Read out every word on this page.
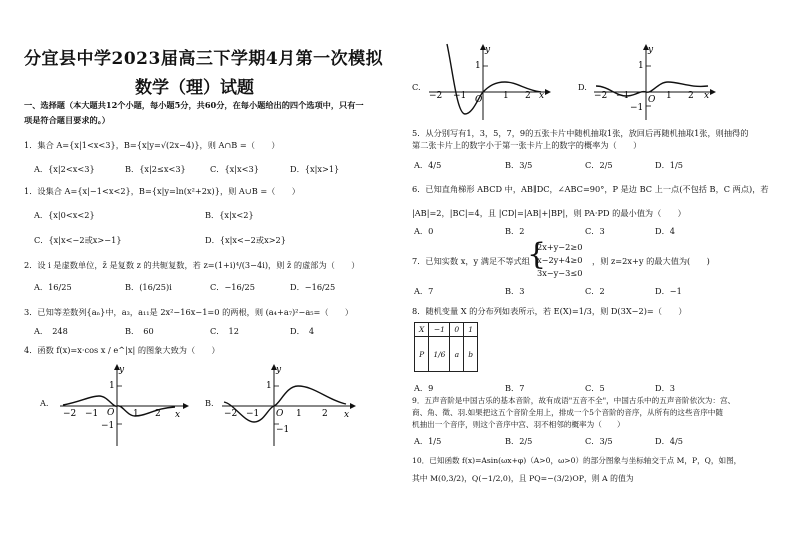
分宜县中学2023届高三下学期4月第一次模拟
数学（理）试题
一、选择题（本大题共12个小题，每小题5分，共60分，在每小题给出的四个选项中，只有一
项是符合题目要求的。）
1．集合 A={x|1<x<3}，B={x|y=√(2x−4)}，则 A∩B =（　　）
A．{x|2<x<3}	B．{x|2≤x<3}	C．{x|x<3}	D．{x|x>1}
1．设集合 A={x|−1<x<2}，B={x|y=ln(x²+2x)}，则 A∪B =（　　）
A．{x|0<x<2}	B．{x|x<2}
C．{x|x<−2或x>−1}	D．{x|x<−2或x>2}
2．设 i 是虚数单位，z̄ 是复数 z 的共轭复数，若 z=(1+i)⁴/(3−4i)，则 z̄ 的虚部为（　　）
A．16/25	B．(16/25)i	C．−16/25	D．−16/25
3．已知等差数列{aₙ}中，a₃，a₁₁是 2x²−16x−1=0 的两根，则 (a₄+a₇)²−a₅=（　　）
A．　248	B．　60	C．　12	D．　4
4．函数 f(x)=x·cos x / e^|x| 的图象大致为（　　）
A.
y
x
O
1
−1
−2 −1	1 2
B.
y
x
O
1
−1
−2 −1	1 2
C.
y
x
O
1
−2 −1	1 2
D.
y
x
O
1
−1
−2 −1	1 2
5．从分别写有1，3，5，7，9的五张卡片中随机抽取1张，放回后再随机抽取1张，则抽得的
第二张卡片上的数字小于第一张卡片上的数字的概率为（　　）
A．4/5	B．3/5	C．2/5	D．1/5
6．已知直角梯形 ABCD 中，AB∥DC，∠ABC=90°，P 是边 BC 上一点(不包括 B，C 两点)，若
|AB|=2，|BC|=4，且 |CD|=|AB|+|BP|，则 PA·PD 的最小值为（　　）
A．0	B．2	C．3	D．4
7．已知实数 x，y 满足不等式组
{
2x+y−2≥0
x−2y+4≥0
3x−y−3≤0
，则 z=2x+y 的最大值为(　　)
A．7	B．3	C．2	D．−1
8．随机变量 X 的分布列如表所示，若 E(X)=1/3，则 D(3X−2)=（　　）
X	−1	0	1
P	1/6	a	b
A．9	B．7	C．5	D．3
9．五声音阶是中国古乐的基本音阶，故有成语"五音不全"，中国古乐中的五声音阶依次为：宫、
商、角、徵、羽.如果把这五个音阶全用上，排成一个5个音阶的音序，从所有的这些音序中随
机抽出一个音序，则这个音序中宫、羽不相邻的概率为（　　）
A．1/5	B．2/5	C．3/5	D．4/5
10．已知函数 f(x)=Asin(ωx+φ)（A>0，ω>0）的部分图象与坐标轴交于点 M，P，Q，如图，
其中 M(0,3/2)，Q(−1/2,0)，且 PQ=−(3/2)OP，则 A 的值为
